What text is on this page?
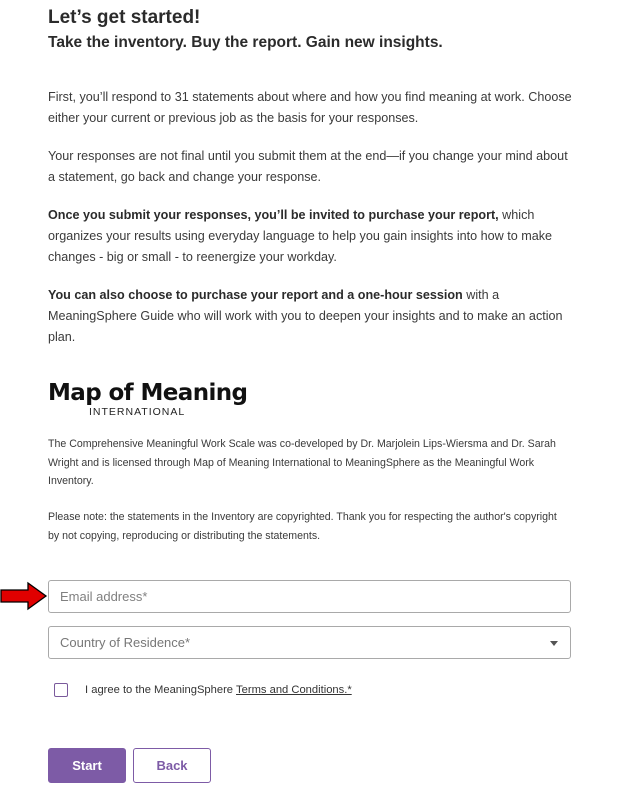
Let’s get started!
Take the inventory. Buy the report. Gain new insights.

First, you’ll respond to 31 statements about where and how you find meaning at work. Choose either your current or previous job as the basis for your responses.

Your responses are not final until you submit them at the end—if you change your mind about a statement, go back and change your response.

Once you submit your responses, you’ll be invited to purchase your report, which organizes your results using everyday language to help you gain insights into how to make changes - big or small - to reenergize your workday.

You can also choose to purchase your report and a one-hour session with a MeaningSphere Guide who will work with you to deepen your insights and to make an action plan.

Map of Meaning
INTERNATIONAL

The Comprehensive Meaningful Work Scale was co-developed by Dr. Marjolein Lips-Wiersma and Dr. Sarah Wright and is licensed through Map of Meaning International to MeaningSphere as the Meaningful Work Inventory.

Please note: the statements in the Inventory are copyrighted. Thank you for respecting the author's copyright by not copying, reproducing or distributing the statements.

Email address*
Country of Residence*
Start	Back
I agree to the MeaningSphere Terms and Conditions.*
